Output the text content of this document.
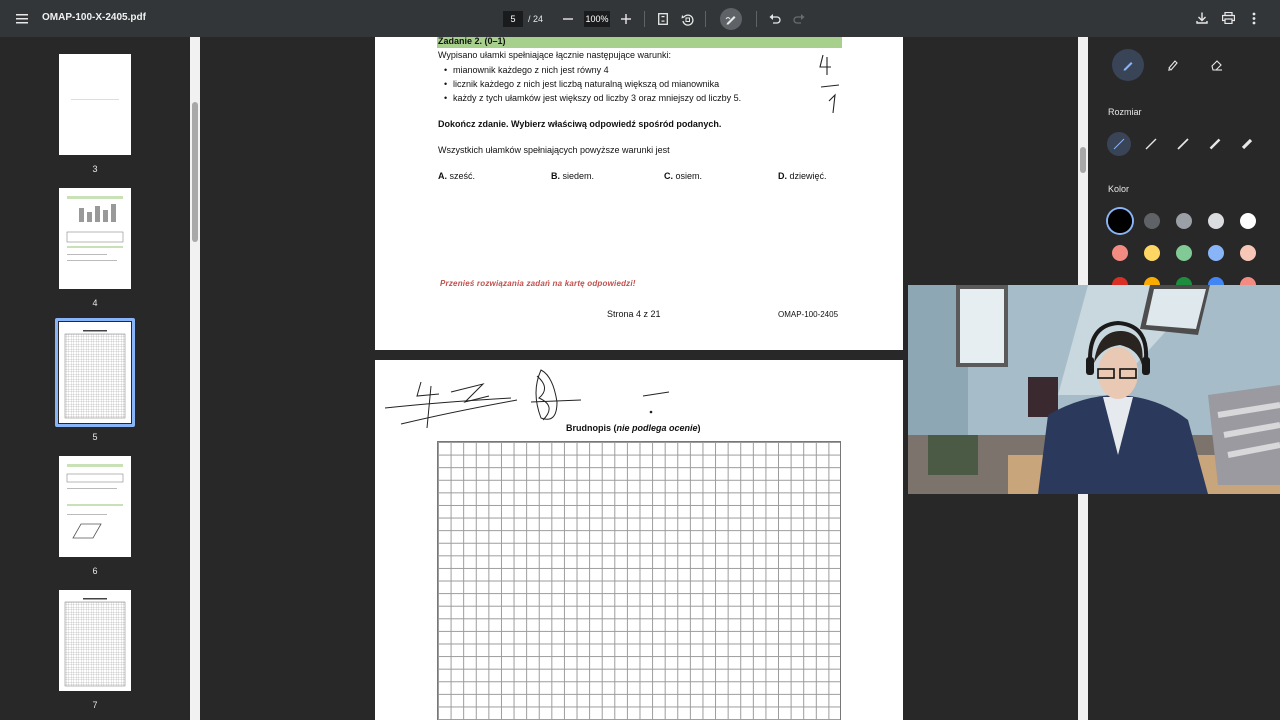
OMAP-100-X-2405.pdf	5	/ 24	100%
3
4
5
6
7
Zadanie 2. (0–1)
Wypisano ułamki spełniające łącznie następujące warunki:
• mianownik każdego z nich jest równy 4
• licznik każdego z nich jest liczbą naturalną większą od mianownika
• każdy z tych ułamków jest większy od liczby 3 oraz mniejszy od liczby 5.
Dokończ zdanie. Wybierz właściwą odpowiedź spośród podanych.
Wszystkich ułamków spełniających powyższe warunki jest
A. sześć.	B. siedem.	C. osiem.	D. dziewięć.
Przenieś rozwiązania zadań na kartę odpowiedzi!
Strona 4 z 21	OMAP-100-2405
Brudnopis (nie podlega ocenie)
Rozmiar
Kolor
